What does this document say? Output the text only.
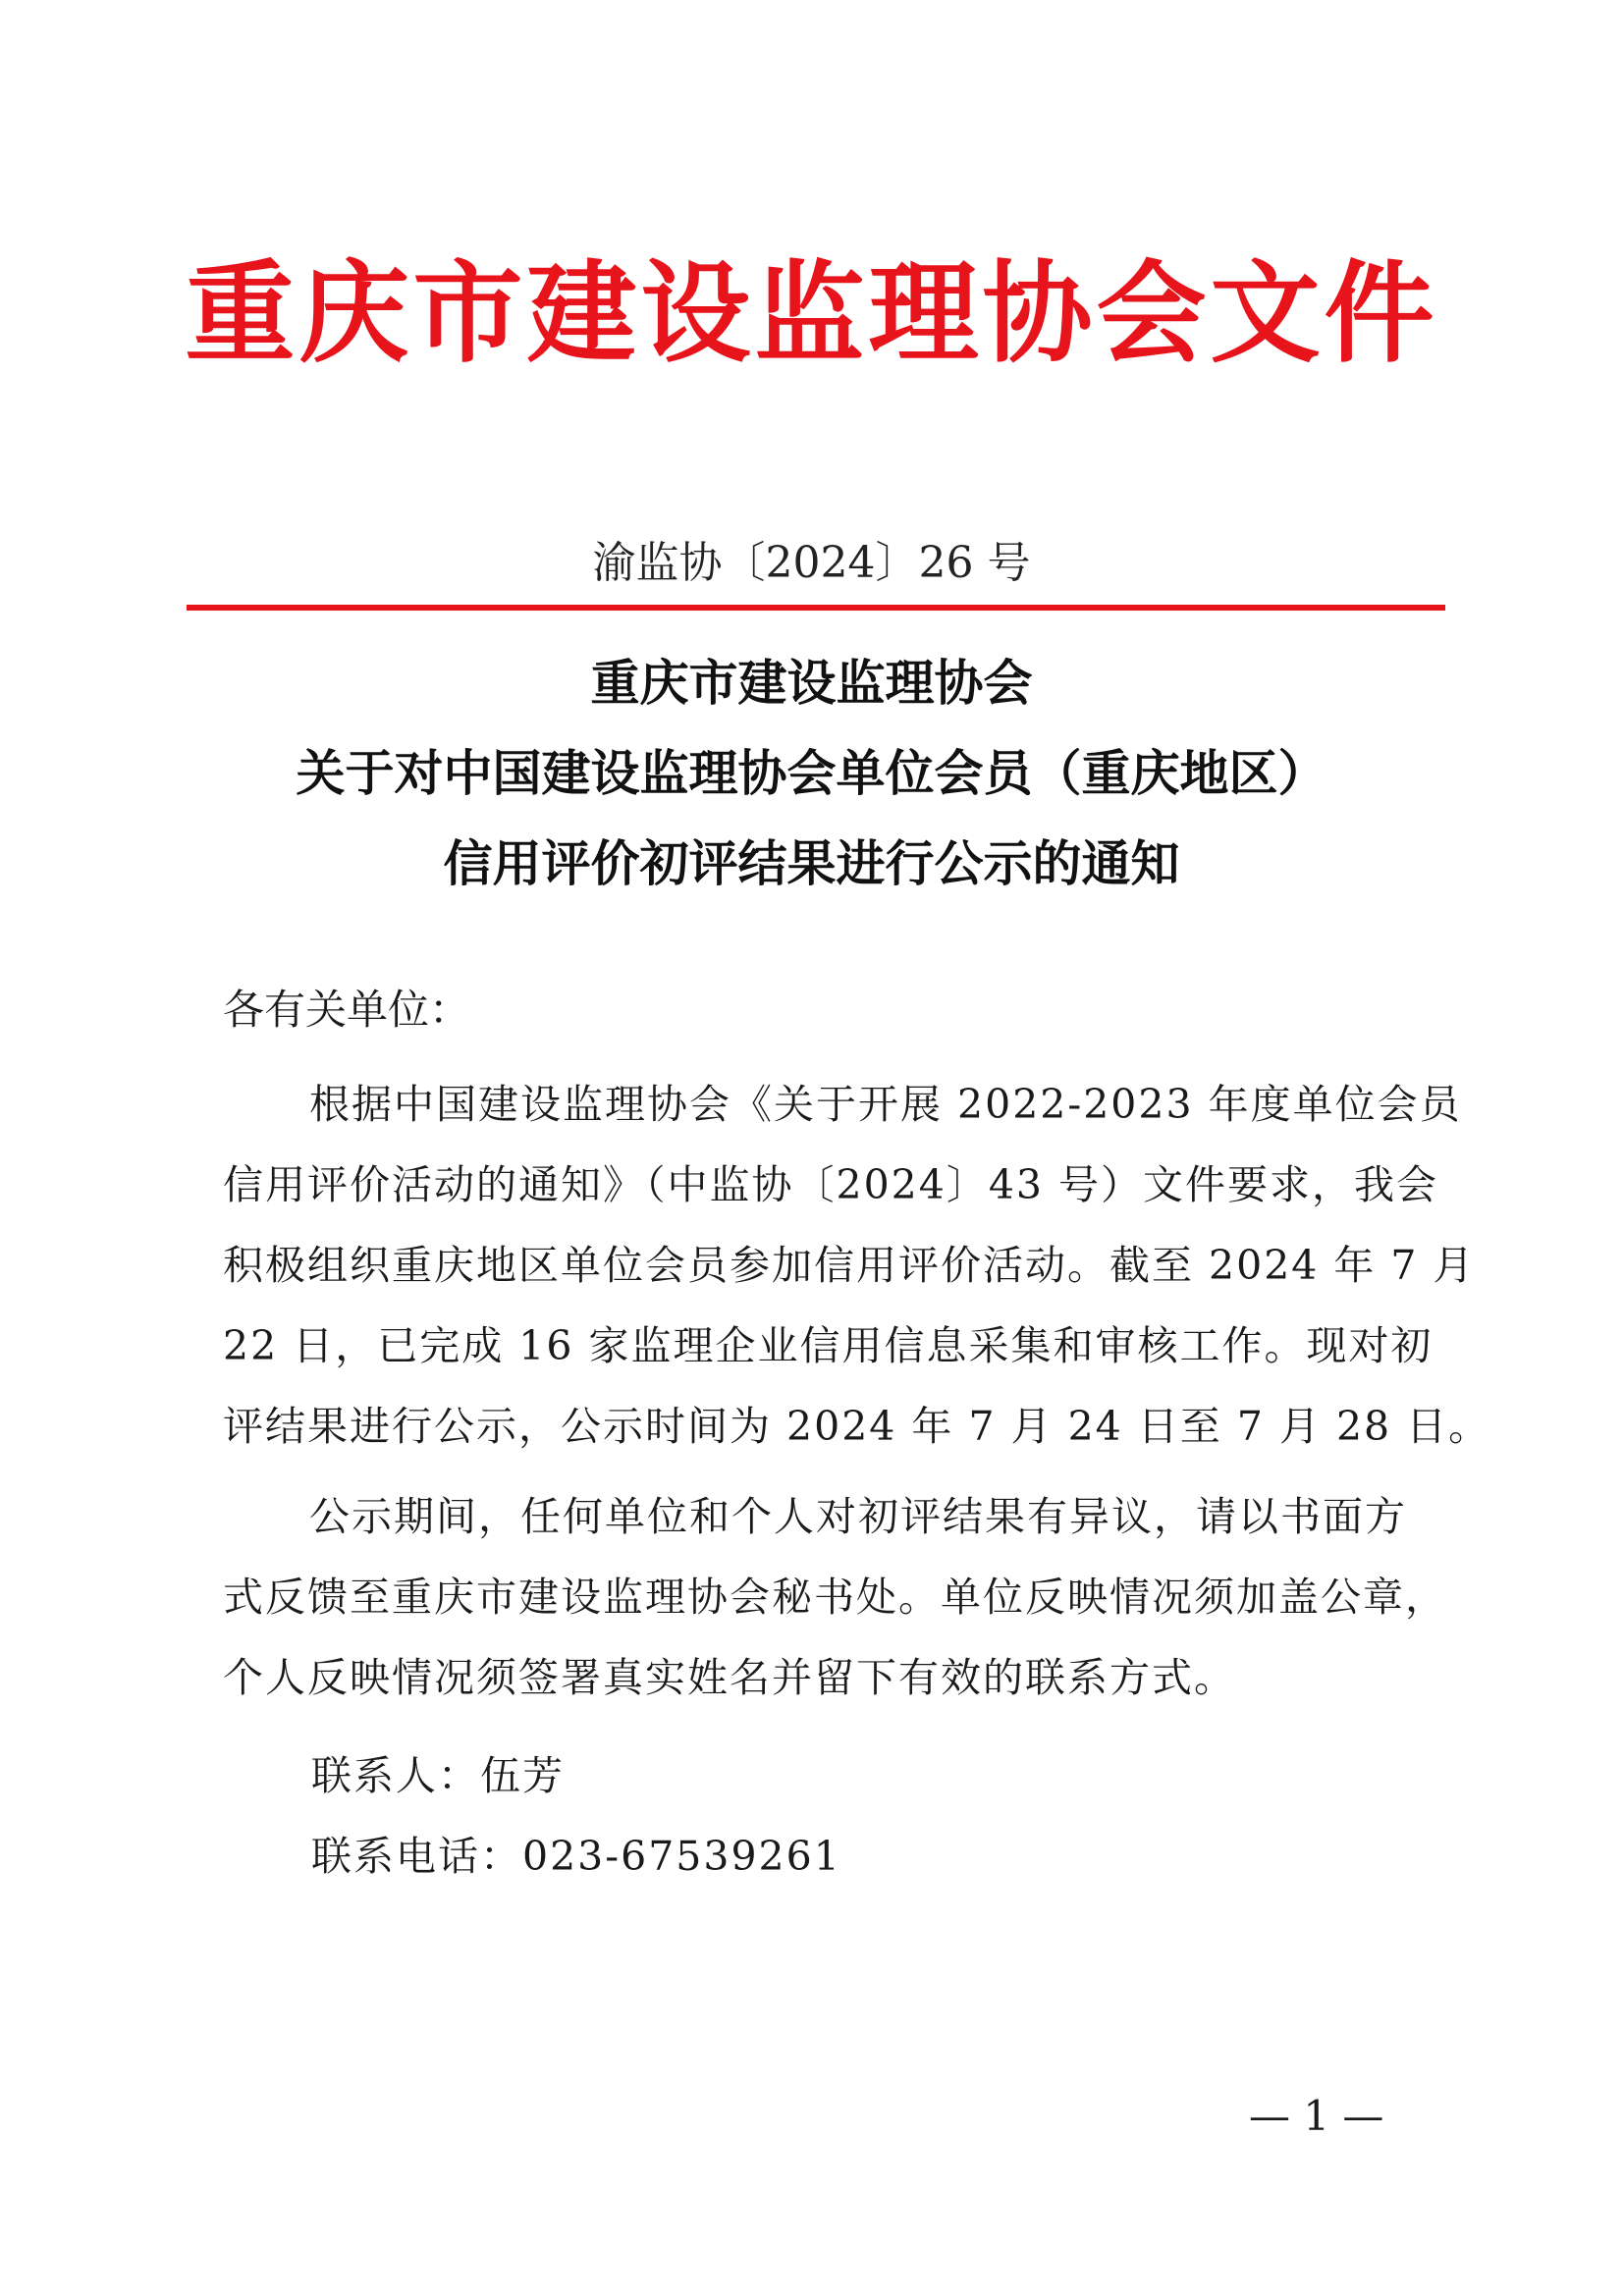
重庆市建设监理协会文件
渝监协〔2024〕26 号
重庆市建设监理协会
关于对中国建设监理协会单位会员（重庆地区）
信用评价初评结果进行公示的通知
各有关单位：
根据中国建设监理协会《关于开展 2022-2023 年度单位会员
信用评价活动的通知》（中监协〔2024〕43 号）文件要求，我会
积极组织重庆地区单位会员参加信用评价活动。截至 2024 年 7 月
22 日，已完成 16 家监理企业信用信息采集和审核工作。现对初
评结果进行公示，公示时间为 2024 年 7 月 24 日至 7 月 28 日。
公示期间，任何单位和个人对初评结果有异议，请以书面方
式反馈至重庆市建设监理协会秘书处。单位反映情况须加盖公章，
个人反映情况须签署真实姓名并留下有效的联系方式。
联系人：伍芳
联系电话：023-67539261
— 1 —
